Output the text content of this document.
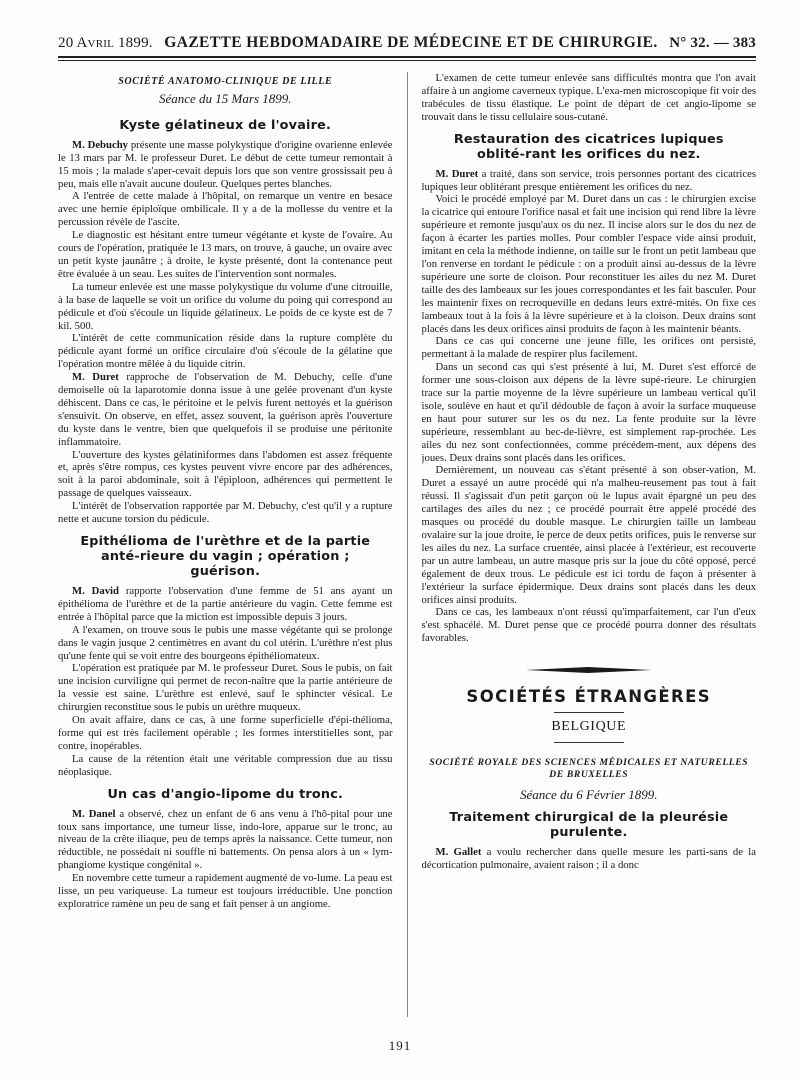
20 Avril 1899. GAZETTE HEBDOMADAIRE DE MÉDECINE ET DE CHIRURGIE. N° 32. — 383
SOCIÉTÉ ANATOMO-CLINIQUE DE LILLE
Séance du 15 Mars 1899.
Kyste gélatineux de l'ovaire.

M. Debuchy présente une masse polykystique d'origine ovarienne enlevée le 13 mars par M. le professeur Duret. Le début de cette tumeur remontait à 15 mois ; la malade s'aper-cevait depuis lors que son ventre grossissait peu à peu, mais elle n'avait aucune douleur. Quelques pertes blanches.

A l'entrée de cette malade à l'hôpital, on remarque un ventre en besace avec une hernie épiploïque ombilicale. Il y a de la mollesse du ventre et la percussion révèle de l'ascite.

Le diagnostic est hésitant entre tumeur végétante et kyste de l'ovaire. Au cours de l'opération, pratiquée le 13 mars, on trouve, à gauche, un ovaire avec un petit kyste jaunâtre ; à droite, le kyste présenté, dont la contenance peut être évaluée à un seau. Les suites de l'intervention sont normales.

La tumeur enlevée est une masse polykystique du volume d'une citrouille, à la base de laquelle se voit un orifice du volume du poing qui correspond au pédicule et d'où s'écoule un liquide gélatineux. Le poids de ce kyste est de 7 kil. 500.

L'intérêt de cette communication réside dans la rupture complète du pédicule ayant formé un orifice circulaire d'où s'écoule de la gélatine que l'opération montre mêlée à du liquide citrin.

M. Duret rapproche de l'observation de M. Debuchy, celle d'une demoiselle où la laparotomie donna issue à une gelée provenant d'un kyste déhiscent. Dans ce cas, le péritoine et le pelvis furent nettoyés et la guérison s'ensuivit. On observe, en effet, assez souvent, la guérison après l'ouverture du kyste dans le ventre, bien que quelquefois il se produise une péritonite inflammatoire.

L'ouverture des kystes gélatiniformes dans l'abdomen est assez fréquente et, après s'être rompus, ces kystes peuvent vivre encore par des adhérences, soit à la paroi abdominale, soit à l'épiploon, adhérences qui permettent le passage de quelques vaisseaux.

L'intérêt de l'observation rapportée par M. Debuchy, c'est qu'il y a rupture nette et aucune torsion du pédicule.

Epithélioma de l'urèthre et de la partie anté-rieure du vagin ; opération ; guérison.

M. David rapporte l'observation d'une femme de 51 ans ayant un épithélioma de l'urèthre et de la partie antérieure du vagin. Cette femme est entrée à l'hôpital parce que la miction est impossible depuis 3 jours.

A l'examen, on trouve sous le pubis une masse végétante qui se prolonge dans le vagin jusque 2 centimètres en avant du col utérin. L'urèthre n'est plus qu'une fente qui se voit entre des bourgeons épithéliomateux.

L'opération est pratiquée par M. le professeur Duret. Sous le pubis, on fait une incision curviligne qui permet de recon-naître que la partie antérieure de la vessie est saine. L'urèthre est enlevé, sauf le sphincter vésical. Le chirurgien reconstitue sous le pubis un urèthre muqueux.

On avait affaire, dans ce cas, à une forme superficielle d'épi-thélioma, forme qui est très facilement opérable ; les formes interstitielles sont, par contre, inopérables.

La cause de la rétention était une véritable compression due au tissu néoplasique.

Un cas d'angio-lipome du tronc.

M. Danel a observé, chez un enfant de 6 ans venu à l'hô-pital pour une toux sans importance, une tumeur lisse, indo-lore, apparue sur le tronc, au niveau de la crête iliaque, peu de temps après la naissance. Cette tumeur, non réductible, ne possédait ni souffle ni battements. On pensa alors à un « lym-phangiome kystique congénital ».

En novembre cette tumeur a rapidement augmenté de vo-lume. La peau est lisse, un peu variqueuse. La tumeur est toujours irréductible. Une ponction exploratrice ramène un peu de sang et fait penser à un angiome.

L'examen de cette tumeur enlevée sans difficultés montra que l'on avait affaire à un angiome caverneux typique. L'exa-men microscopique fit voir des trabécules de tissu élastique. Le point de départ de cet angio-lipome se trouvait dans le tissu cellulaire sous-cutané.

Restauration des cicatrices lupiques oblité-rant les orifices du nez.

M. Duret a traité, dans son service, trois personnes portant des cicatrices lupiques leur oblitérant presque entièrement les orifices du nez.

Voici le procédé employé par M. Duret dans un cas : le chirurgien excise la cicatrice qui entoure l'orifice nasal et fait une incision qui rend libre la lèvre supérieure et remonte jusqu'aux os du nez. Il incise alors sur le dos du nez de façon à écarter les parties molles. Pour combler l'espace vide ainsi produit, imitant en cela la méthode indienne, on taille sur le front un petit lambeau que l'on renverse en tordant le pédicule : on a produit ainsi au-dessus de la lèvre supérieure une sorte de cloison. Pour reconstituer les ailes du nez M. Duret taille des des lambeaux sur les joues correspondantes et les fait basculer. Pour les maintenir fixes on recroqueville en dedans leurs extré-mités. On fixe ces lambeaux tout à la fois à la lèvre supérieure et à la cloison. Deux drains sont placés dans les deux orifices ainsi produits de façon à les maintenir béants.

Dans ce cas qui concerne une jeune fille, les orifices ont persisté, permettant à la malade de respirer plus facilement.

Dans un second cas qui s'est présenté à lui, M. Duret s'est efforcé de former une sous-cloison aux dépens de la lèvre supé-rieure. Le chirurgien trace sur la partie moyenne de la lèvre supérieure un lambeau vertical qu'il isole, soulève en haut et qu'il dédouble de façon à avoir la surface muqueuse en haut pour suturer sur les os du nez. La fente produite sur la lèvre supérieure, ressemblant au bec-de-lièvre, est simplement rap-prochée. Les ailes du nez sont confectionnées, comme précédem-ment, aux dépens des joues. Deux drains sont placés dans les orifices.

Dernièrement, un nouveau cas s'étant présenté à son obser-vation, M. Duret a essayé un autre procédé qui n'a malheu-reusement pas tout à fait réussi. Il s'agissait d'un petit garçon où le lupus avait épargné un peu des cartilages des ailes du nez ; ce procédé pourrait être appelé procédé des masques ou procédé du double masque. Le chirurgien taille un lambeau ovalaire sur la joue droite, le perce de deux petits orifices, puis le renverse sur les ailes du nez. La surface cruentée, ainsi placée à l'extérieur, est recouverte par un autre lambeau, un autre masque pris sur la joue du côté opposé, percé également de deux trous. Le pédicule est ici tordu de façon à présenter à l'extérieur la surface épidermique. Deux drains sont placés dans les deux orifices ainsi produits.

Dans ce cas, les lambeaux n'ont réussi qu'imparfaitement, car l'un d'eux s'est sphacélé. M. Duret pense que ce procédé pourra donner des résultats favorables.

SOCIÉTÉS ÉTRANGÈRES
BELGIQUE
SOCIÉTÉ ROYALE DES SCIENCES MÉDICALES ET NATURELLES DE BRUXELLES
Séance du 6 Février 1899.
Traitement chirurgical de la pleurésie purulente.

M. Gallet a voulu rechercher dans quelle mesure les parti-sans de la décortication pulmonaire, avaient raison ; il a donc

191
